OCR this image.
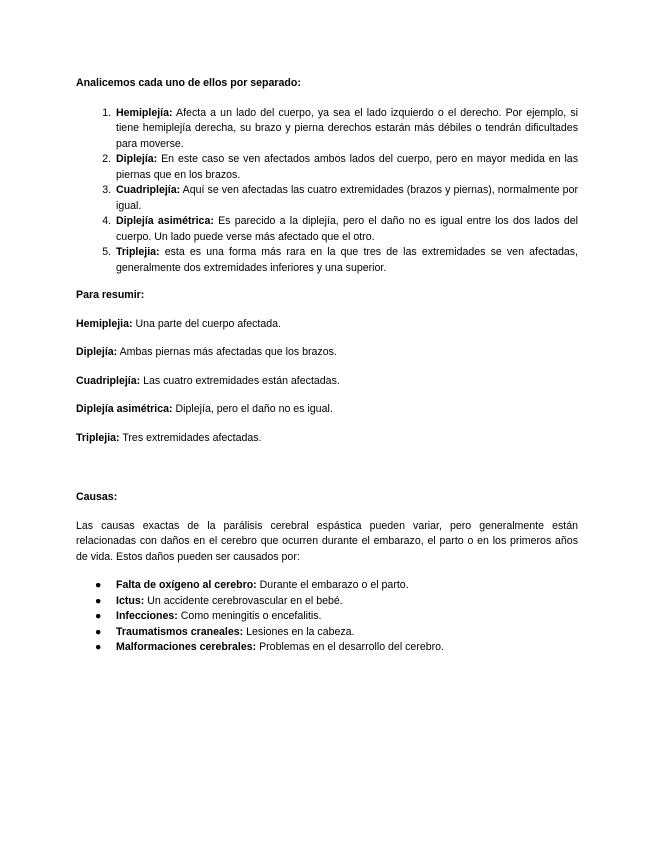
Analicemos cada uno de ellos por separado:

1. Hemiplejía: Afecta a un lado del cuerpo, ya sea el lado izquierdo o el derecho. Por ejemplo, si tiene hemiplejía derecha, su brazo y pierna derechos estarán más débiles o tendrán dificultades para moverse.
2. Diplejía: En este caso se ven afectados ambos lados del cuerpo, pero en mayor medida en las piernas que en los brazos.
3. Cuadriplejía: Aquí se ven afectadas las cuatro extremidades (brazos y piernas), normalmente por igual.
4. Diplejía asimétrica: Es parecido a la diplejía, pero el daño no es igual entre los dos lados del cuerpo. Un lado puede verse más afectado que el otro.
5. Triplejia: esta es una forma más rara en la que tres de las extremidades se ven afectadas, generalmente dos extremidades inferiores y una superior.

Para resumir:

Hemiplejia: Una parte del cuerpo afectada.

Diplejía: Ambas piernas más afectadas que los brazos.

Cuadriplejía: Las cuatro extremidades están afectadas.

Diplejía asimétrica: Diplejía, pero el daño no es igual.

Triplejia: Tres extremidades afectadas.

Causas:

Las causas exactas de la parálisis cerebral espástica pueden variar, pero generalmente están relacionadas con daños en el cerebro que ocurren durante el embarazo, el parto o en los primeros años de vida. Estos daños pueden ser causados por:

● Falta de oxígeno al cerebro: Durante el embarazo o el parto.
● Ictus: Un accidente cerebrovascular en el bebé.
● Infecciones: Como meningitis o encefalitis.
● Traumatismos craneales: Lesiones en la cabeza.
● Malformaciones cerebrales: Problemas en el desarrollo del cerebro.
